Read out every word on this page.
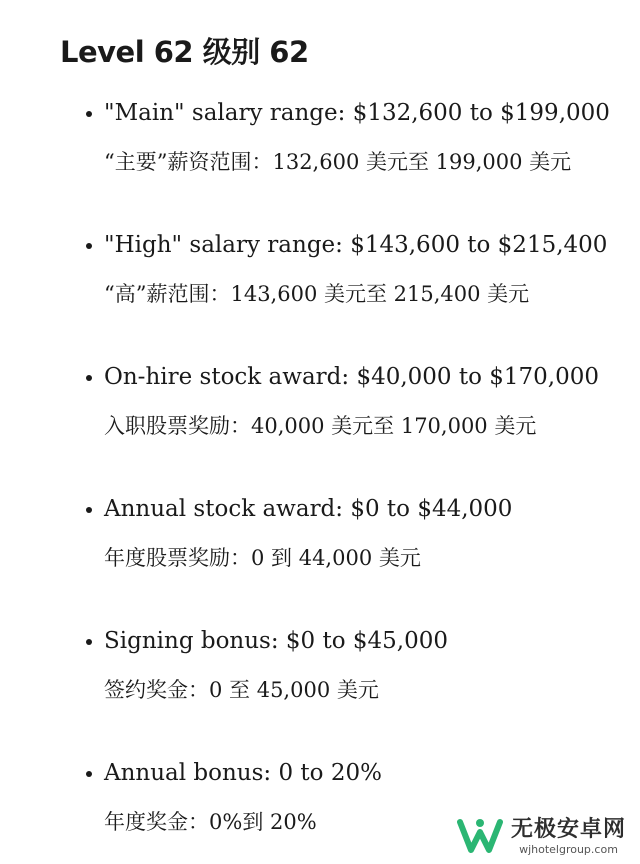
Level 62 级别 62
"Main" salary range: $132,600 to $199,000
“主要”薪资范围：132,600 美元至 199,000 美元
"High" salary range: $143,600 to $215,400
“高”薪范围：143,600 美元至 215,400 美元
On-hire stock award: $40,000 to $170,000
入职股票奖励：40,000 美元至 170,000 美元
Annual stock award: $0 to $44,000
年度股票奖励：0 到 44,000 美元
Signing bonus: $0 to $45,000
签约奖金：0 至 45,000 美元
Annual bonus: 0 to 20%
年度奖金：0%到 20%	无极安卓网
wjhotelgroup.com
